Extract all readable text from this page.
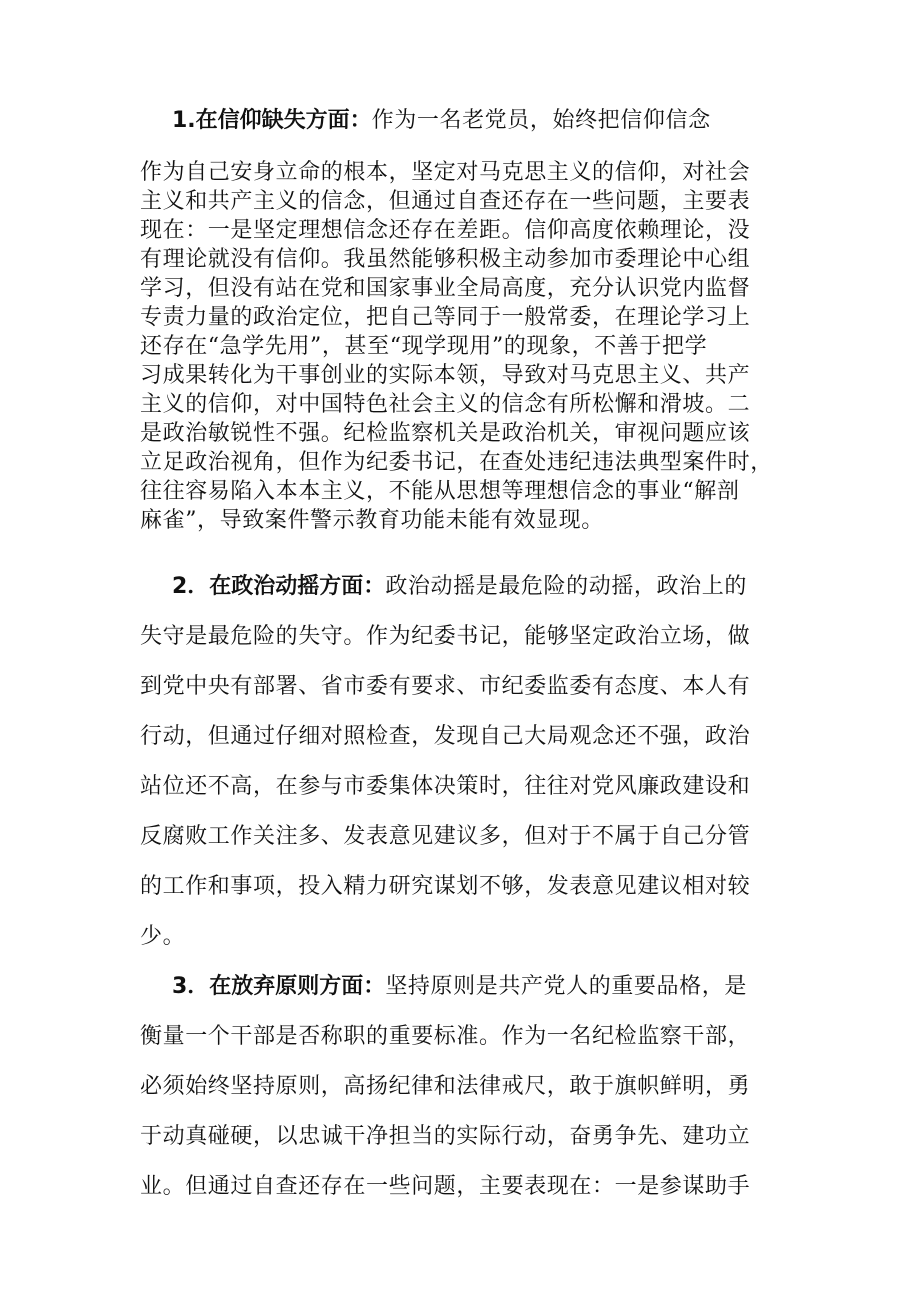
1.在信仰缺失方面：作为一名老党员，始终把信仰信念
作为自己安身立命的根本，坚定对马克思主义的信仰，对社会
主义和共产主义的信念，但通过自查还存在一些问题，主要表
现在：一是坚定理想信念还存在差距。信仰高度依赖理论，没
有理论就没有信仰。我虽然能够积极主动参加市委理论中心组
学习，但没有站在党和国家事业全局高度，充分认识党内监督
专责力量的政治定位，把自己等同于一般常委，在理论学习上
还存在“急学先用”，甚至“现学现用”的现象，不善于把学
习成果转化为干事创业的实际本领，导致对马克思主义、共产
主义的信仰，对中国特色社会主义的信念有所松懈和滑坡。二
是政治敏锐性不强。纪检监察机关是政治机关，审视问题应该
立足政治视角，但作为纪委书记，在查处违纪违法典型案件时，
往往容易陷入本本主义，不能从思想等理想信念的事业“解剖
麻雀”，导致案件警示教育功能未能有效显现。
2．在政治动摇方面：政治动摇是最危险的动摇，政治上的
失守是最危险的失守。作为纪委书记，能够坚定政治立场，做
到党中央有部署、省市委有要求、市纪委监委有态度、本人有
行动，但通过仔细对照检查，发现自己大局观念还不强，政治
站位还不高，在参与市委集体决策时，往往对党风廉政建设和
反腐败工作关注多、发表意见建议多，但对于不属于自己分管
的工作和事项，投入精力研究谋划不够，发表意见建议相对较
少。
3．在放弃原则方面：坚持原则是共产党人的重要品格，是
衡量一个干部是否称职的重要标准。作为一名纪检监察干部，
必须始终坚持原则，高扬纪律和法律戒尺，敢于旗帜鲜明，勇
于动真碰硬，以忠诚干净担当的实际行动，奋勇争先、建功立
业。但通过自查还存在一些问题，主要表现在：一是参谋助手
